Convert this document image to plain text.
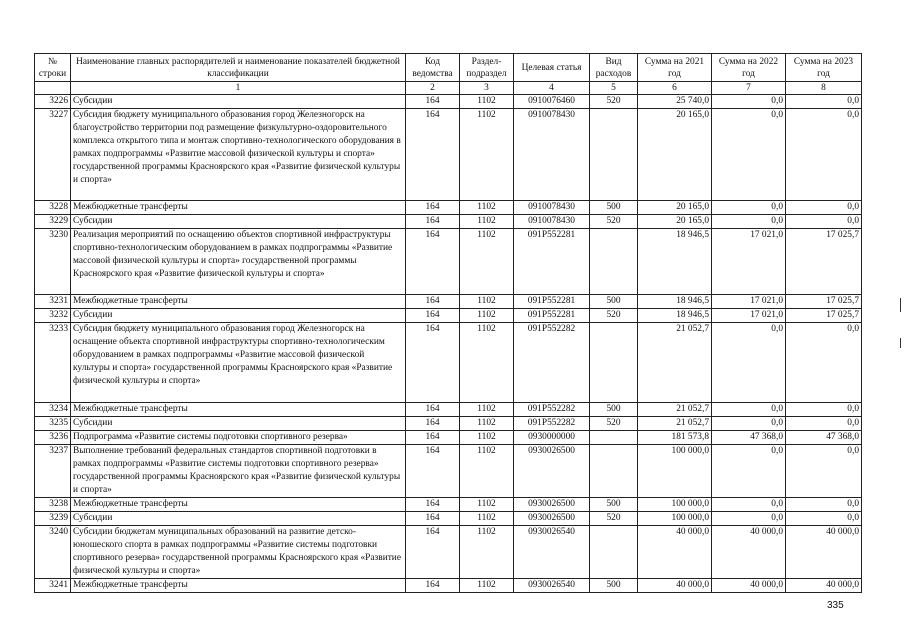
№ строки	Наименование главных распорядителей и наименование показателей бюджетной классификации	Код ведомства	Раздел-подраздел	Целевая статья	Вид расходов	Сумма на 2021 год	Сумма на 2022 год	Сумма на 2023 год
	1	2	3	4	5	6	7	8
3226	Субсидии	164	1102	0910076460	520	25 740,0	0,0	0,0
3227	Субсидия бюджету муниципального образования город Железногорск на благоустройство территории под размещение физкультурно-оздоровительного комплекса открытого типа и монтаж спортивно-технологического оборудования в рамках подпрограммы «Развитие массовой физической культуры и спорта» государственной программы Красноярского края «Развитие физической культуры и спорта»	164	1102	0910078430		20 165,0	0,0	0,0
3228	Межбюджетные трансферты	164	1102	0910078430	500	20 165,0	0,0	0,0
3229	Субсидии	164	1102	0910078430	520	20 165,0	0,0	0,0
3230	Реализация мероприятий по оснащению объектов спортивной инфраструктуры спортивно-технологическим оборудованием в рамках подпрограммы «Развитие массовой физической культуры и спорта» государственной программы Красноярского края «Развитие физической культуры и спорта»	164	1102	091P552281		18 946,5	17 021,0	17 025,7
3231	Межбюджетные трансферты	164	1102	091P552281	500	18 946,5	17 021,0	17 025,7
3232	Субсидии	164	1102	091P552281	520	18 946,5	17 021,0	17 025,7
3233	Субсидия бюджету муниципального образования город Железногорск на оснащение объекта спортивной инфраструктуры спортивно-технологическим оборудованием в рамках подпрограммы «Развитие массовой физической культуры и спорта» государственной программы Красноярского края «Развитие физической культуры и спорта»	164	1102	091P552282		21 052,7	0,0	0,0
3234	Межбюджетные трансферты	164	1102	091P552282	500	21 052,7	0,0	0,0
3235	Субсидии	164	1102	091P552282	520	21 052,7	0,0	0,0
3236	Подпрограмма «Развитие системы подготовки спортивного резерва»	164	1102	0930000000		181 573,8	47 368,0	47 368,0
3237	Выполнение требований федеральных стандартов спортивной подготовки в рамках подпрограммы «Развитие системы подготовки спортивного резерва» государственной программы Красноярского края «Развитие физической культуры и спорта»	164	1102	0930026500		100 000,0	0,0	0,0
3238	Межбюджетные трансферты	164	1102	0930026500	500	100 000,0	0,0	0,0
3239	Субсидии	164	1102	0930026500	520	100 000,0	0,0	0,0
3240	Субсидии бюджетам муниципальных образований на развитие детско-юношеского спорта в рамках подпрограммы «Развитие системы подготовки спортивного резерва» государственной программы Красноярского края «Развитие физической культуры и спорта»	164	1102	0930026540		40 000,0	40 000,0	40 000,0
3241	Межбюджетные трансферты	164	1102	0930026540	500	40 000,0	40 000,0	40 000,0
335
